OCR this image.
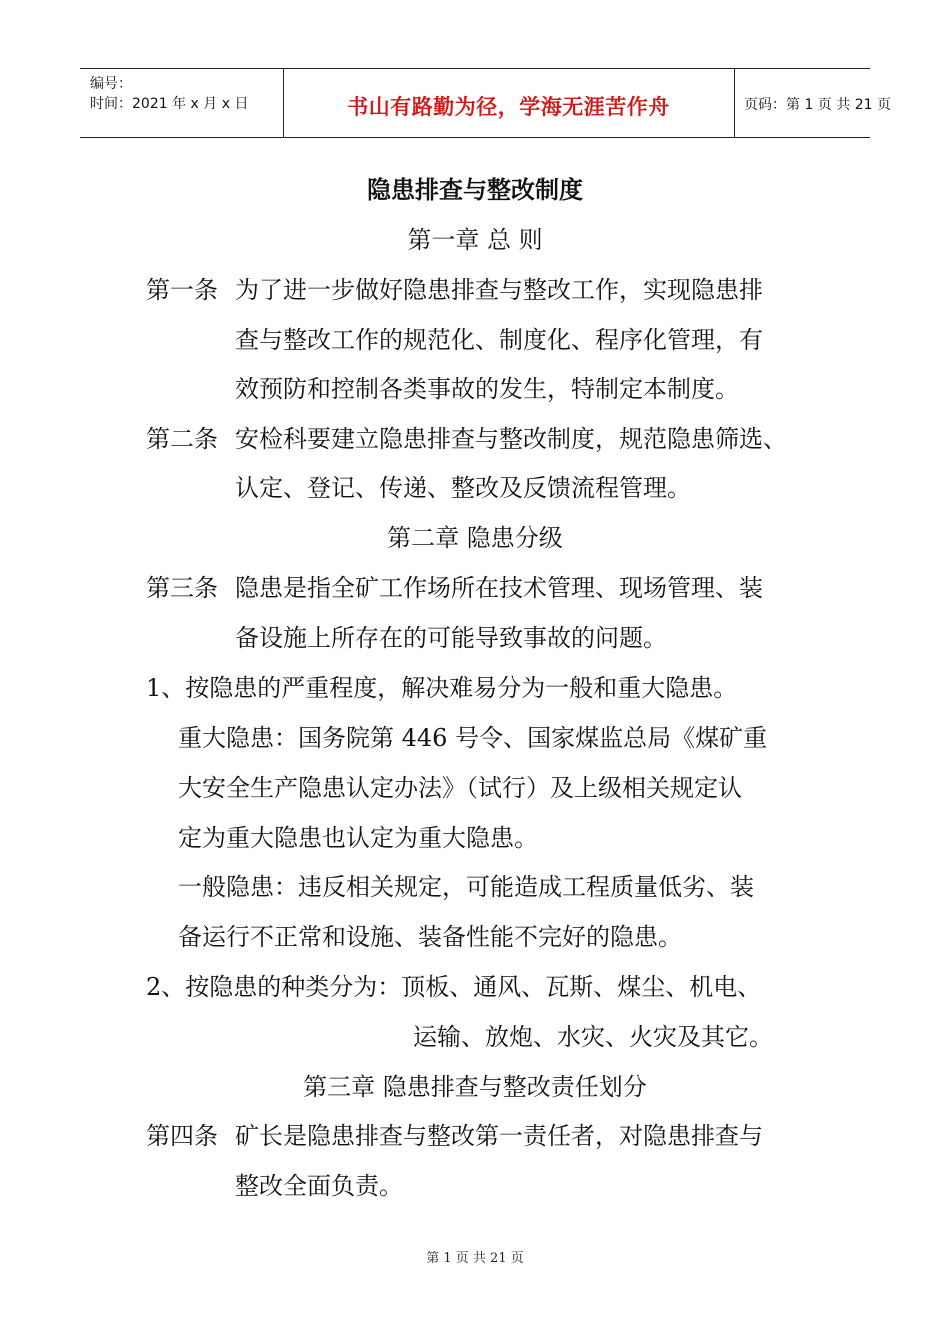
编号：
时间：2021 年 x 月 x 日	书山有路勤为径，学海无涯苦作舟	页码：第 1 页 共 21 页
隐患排查与整改制度
第一章 总 则
第一条 为了进一步做好隐患排查与整改工作，实现隐患排
查与整改工作的规范化、制度化、程序化管理，有
效预防和控制各类事故的发生，特制定本制度。
第二条 安检科要建立隐患排查与整改制度，规范隐患筛选、
认定、登记、传递、整改及反馈流程管理。
第二章 隐患分级
第三条 隐患是指全矿工作场所在技术管理、现场管理、装
备设施上所存在的可能导致事故的问题。
1、按隐患的严重程度，解决难易分为一般和重大隐患。
重大隐患：国务院第 446 号令、国家煤监总局《煤矿重
大安全生产隐患认定办法》（试行）及上级相关规定认
定为重大隐患也认定为重大隐患。
一般隐患：违反相关规定，可能造成工程质量低劣、装
备运行不正常和设施、装备性能不完好的隐患。
2、按隐患的种类分为：顶板、通风、瓦斯、煤尘、机电、
运输、放炮、水灾、火灾及其它。
第三章 隐患排查与整改责任划分
第四条 矿长是隐患排查与整改第一责任者，对隐患排查与
整改全面负责。
第 1 页 共 21 页
